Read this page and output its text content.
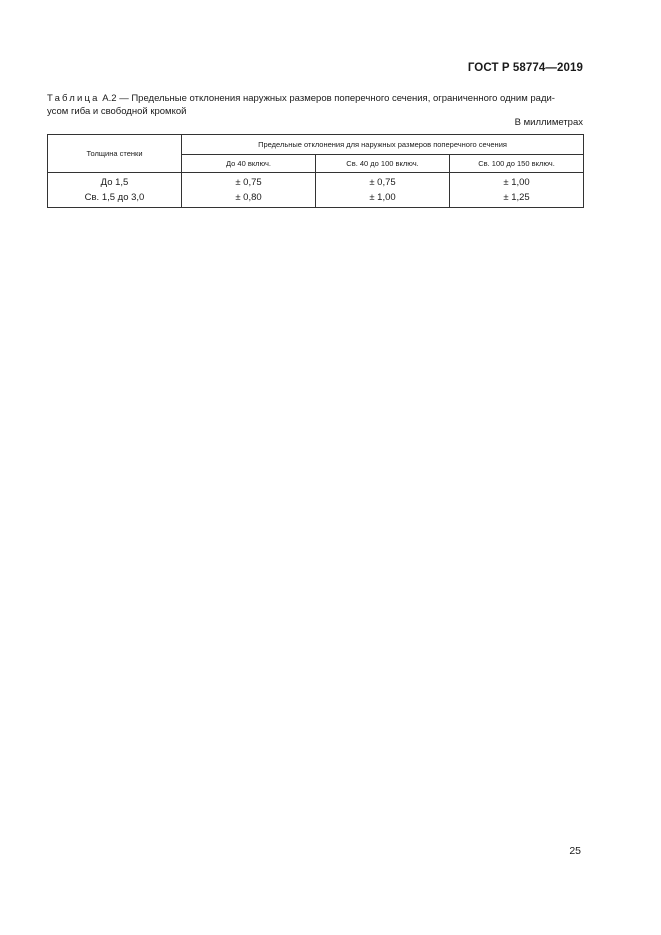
ГОСТ Р 58774—2019
Таблица А.2 — Предельные отклонения наружных размеров поперечного сечения, ограниченного одним ради-
усом гиба и свободной кромкой
В миллиметрах
Толщина стенки	Предельные отклонения для наружных размеров поперечного сечения		
	До 40 включ.	Св. 40 до 100 включ.	Св. 100 до 150 включ.
До 1,5	± 0,75	± 0,75	± 1,00
Св. 1,5 до 3,0	± 0,80	± 1,00	± 1,25
25
